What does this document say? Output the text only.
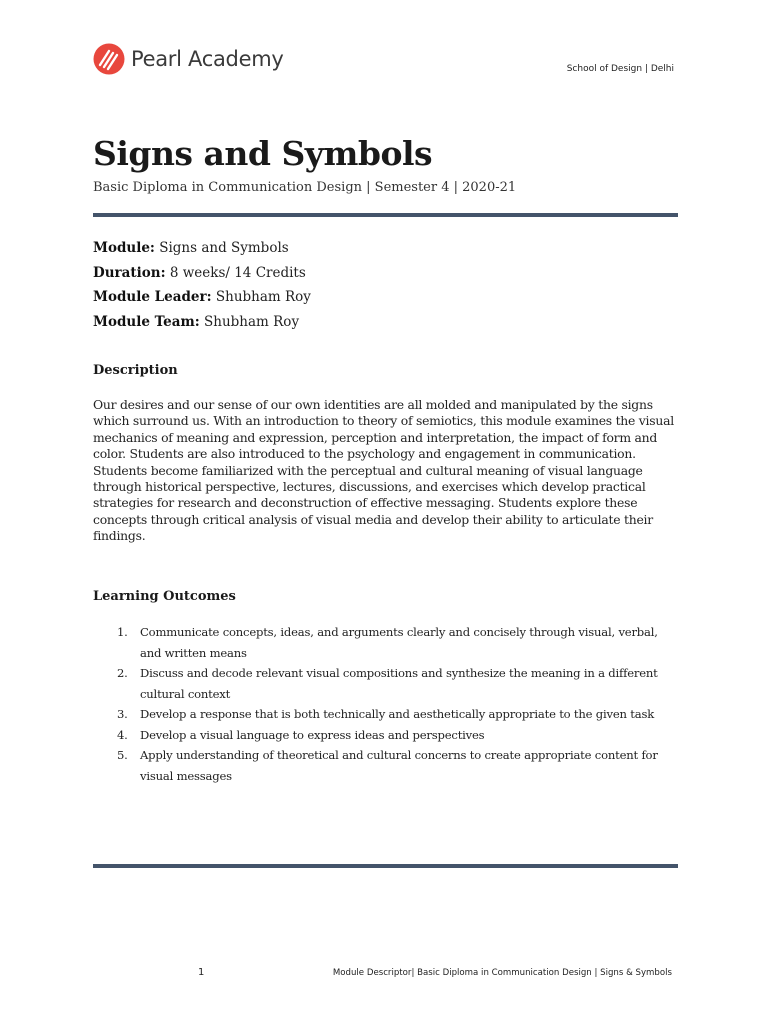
Pearl Academy	School of Design | Delhi
Signs and Symbols
Basic Diploma in Communication Design | Semester 4 | 2020-21
Module: Signs and Symbols
Duration: 8 weeks/ 14 Credits
Module Leader: Shubham Roy
Module Team: Shubham Roy
Description

Our desires and our sense of our own identities are all molded and manipulated by the signs which surround us. With an introduction to theory of semiotics, this module examines the visual mechanics of meaning and expression, perception and interpretation, the impact of form and color. Students are also introduced to the psychology and engagement in communication. Students become familiarized with the perceptual and cultural meaning of visual language through historical perspective, lectures, discussions, and exercises which develop practical strategies for research and deconstruction of effective messaging. Students explore these concepts through critical analysis of visual media and develop their ability to articulate their findings.

Learning Outcomes
1. Communicate concepts, ideas, and arguments clearly and concisely through visual, verbal, and written means
2. Discuss and decode relevant visual compositions and synthesize the meaning in a different cultural context
3. Develop a response that is both technically and aesthetically appropriate to the given task
4. Develop a visual language to express ideas and perspectives
5. Apply understanding of theoretical and cultural concerns to create appropriate content for visual messages
1	Module Descriptor| Basic Diploma in Communication Design | Signs & Symbols
